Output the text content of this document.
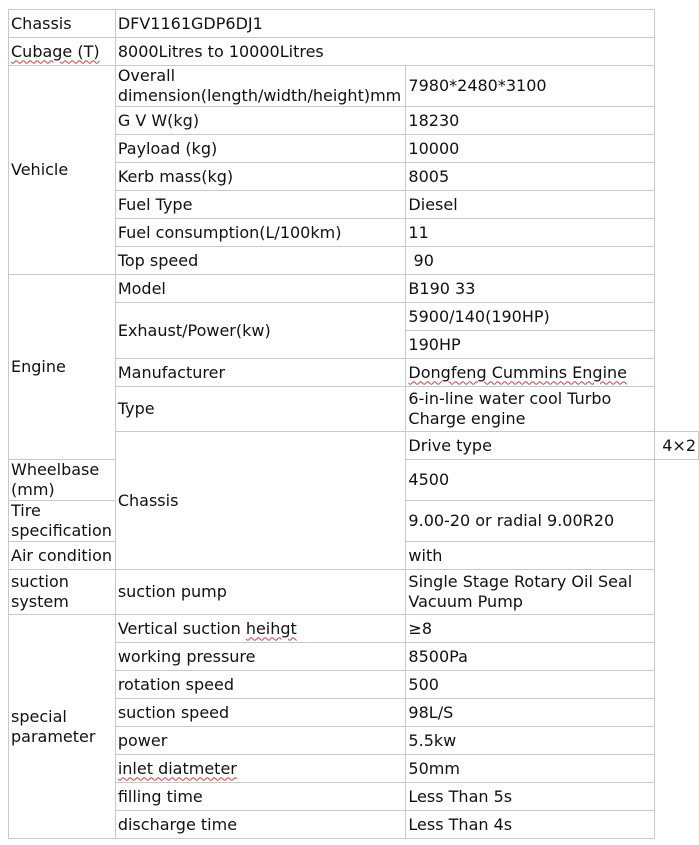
Chassis	DFV1161GDP6DJ1		
Cubage (T)	8000Litres to 10000Litres		
Vehicle	Overall dimension(length/width/height)mm	7980*2480*3100	
	G V W(kg)	18230	
	Payload (kg)	10000	
	Kerb mass(kg)	8005	
	Fuel Type	Diesel	
	Fuel consumption(L/100km)	11	
	Top speed	90	
Engine	Model	B190 33	
	Exhaust/Power(kw)	5900/140(190HP)	
		190HP	
	Manufacturer	Dongfeng Cummins Engine	
	Type	6-in-line water cool Turbo Charge engine	
	Chassis	Drive type	4×2
Wheelbase (mm)		4500	
Tire specification		9.00-20 or radial 9.00R20	
Air condition		with	
suction system	suction pump	Single Stage Rotary Oil Seal Vacuum Pump	
special parameter	Vertical suction heihgt	≥8	
	working pressure	8500Pa	
	rotation speed	500	
	suction speed	98L/S	
	power	5.5kw	
	inlet diatmeter	50mm	
	filling time	Less Than 5s	
	discharge time	Less Than 4s	
